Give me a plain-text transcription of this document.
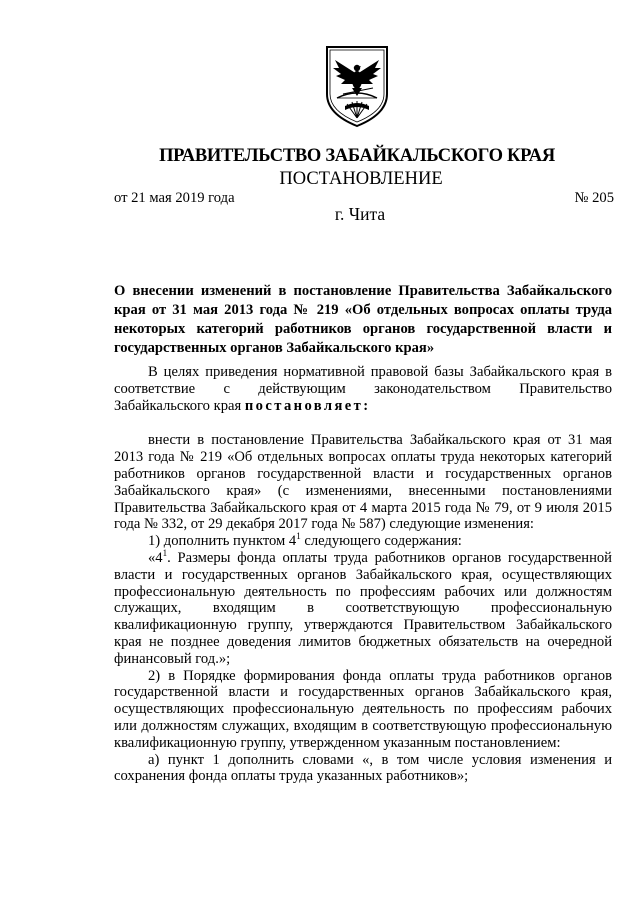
ПРАВИТЕЛЬСТВО ЗАБАЙКАЛЬСКОГО КРАЯ
ПОСТАНОВЛЕНИЕ
от 21 мая 2019 года	№ 205
г. Чита

О внесении изменений в постановление Правительства Забайкальского края от 31 мая 2013 года № 219 «Об отдельных вопросах оплаты труда некоторых категорий работников органов государственной власти и государственных органов Забайкальского края»

В целях приведения нормативной правовой базы Забайкальского края в соответствие с действующим законодательством Правительство Забайкальского края постановляет:

внести в постановление Правительства Забайкальского края от 31 мая 2013 года № 219 «Об отдельных вопросах оплаты труда некоторых категорий работников органов государственной власти и государственных органов Забайкальского края» (с изменениями, внесенными постановлениями Правительства Забайкальского края от 4 марта 2015 года № 79, от 9 июля 2015 года № 332, от 29 декабря 2017 года № 587) следующие изменения:

1) дополнить пунктом $4^1$ следующего содержания:

«$4^1$. Размеры фонда оплаты труда работников органов государственной власти и государственных органов Забайкальского края, осуществляющих профессиональную деятельность по профессиям рабочих или должностям служащих, входящим в соответствующую профессиональную квалификационную группу, утверждаются Правительством Забайкальского края не позднее доведения лимитов бюджетных обязательств на очередной финансовый год.»;

2) в Порядке формирования фонда оплаты труда работников органов государственной власти и государственных органов Забайкальского края, осуществляющих профессиональную деятельность по профессиям рабочих или должностям служащих, входящим в соответствующую профессиональную квалификационную группу, утвержденном указанным постановлением:

а) пункт 1 дополнить словами «, в том числе условия изменения и сохранения фонда оплаты труда указанных работников»;
